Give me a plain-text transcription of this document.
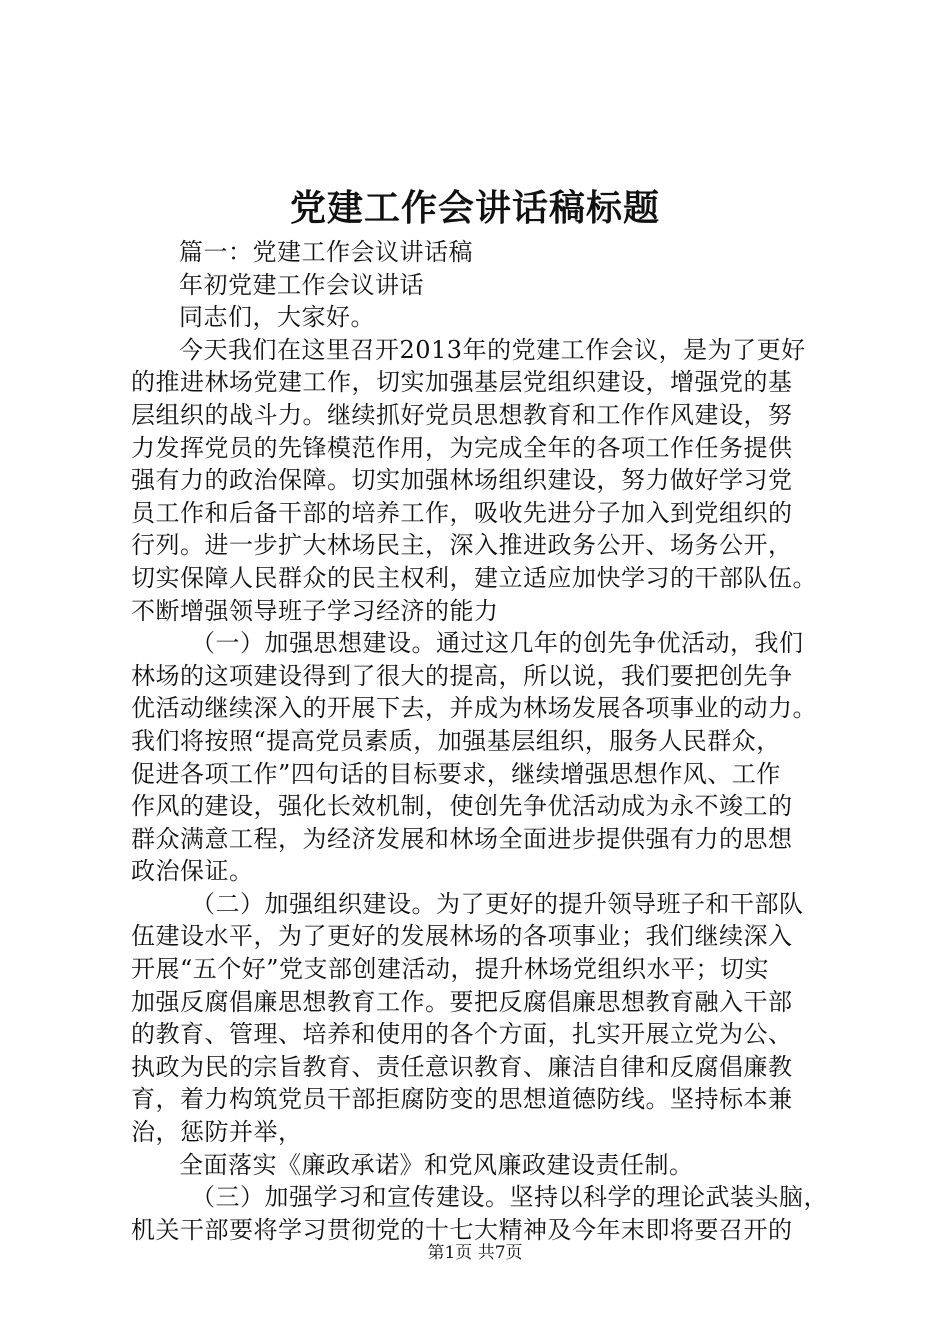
党建工作会讲话稿标题
篇一：党建工作会议讲话稿
年初党建工作会议讲话
同志们，大家好。
今天我们在这里召开2013年的党建工作会议，是为了更好
的推进林场党建工作，切实加强基层党组织建设，增强党的基
层组织的战斗力。继续抓好党员思想教育和工作作风建设，努
力发挥党员的先锋模范作用，为完成全年的各项工作任务提供
强有力的政治保障。切实加强林场组织建设，努力做好学习党
员工作和后备干部的培养工作，吸收先进分子加入到党组织的
行列。进一步扩大林场民主，深入推进政务公开、场务公开，
切实保障人民群众的民主权利，建立适应加快学习的干部队伍。
不断增强领导班子学习经济的能力
（一）加强思想建设。通过这几年的创先争优活动，我们
林场的这项建设得到了很大的提高，所以说，我们要把创先争
优活动继续深入的开展下去，并成为林场发展各项事业的动力。
我们将按照“提高党员素质，加强基层组织，服务人民群众，
促进各项工作”四句话的目标要求，继续增强思想作风、工作
作风的建设，强化长效机制，使创先争优活动成为永不竣工的
群众满意工程，为经济发展和林场全面进步提供强有力的思想
政治保证。
（二）加强组织建设。为了更好的提升领导班子和干部队
伍建设水平，为了更好的发展林场的各项事业；我们继续深入
开展“五个好”党支部创建活动，提升林场党组织水平；切实
加强反腐倡廉思想教育工作。要把反腐倡廉思想教育融入干部
的教育、管理、培养和使用的各个方面，扎实开展立党为公、
执政为民的宗旨教育、责任意识教育、廉洁自律和反腐倡廉教
育，着力构筑党员干部拒腐防变的思想道德防线。坚持标本兼
治，惩防并举，
全面落实《廉政承诺》和党风廉政建设责任制。
（三）加强学习和宣传建设。坚持以科学的理论武装头脑，
机关干部要将学习贯彻党的十七大精神及今年末即将要召开的
第1页 共7页
